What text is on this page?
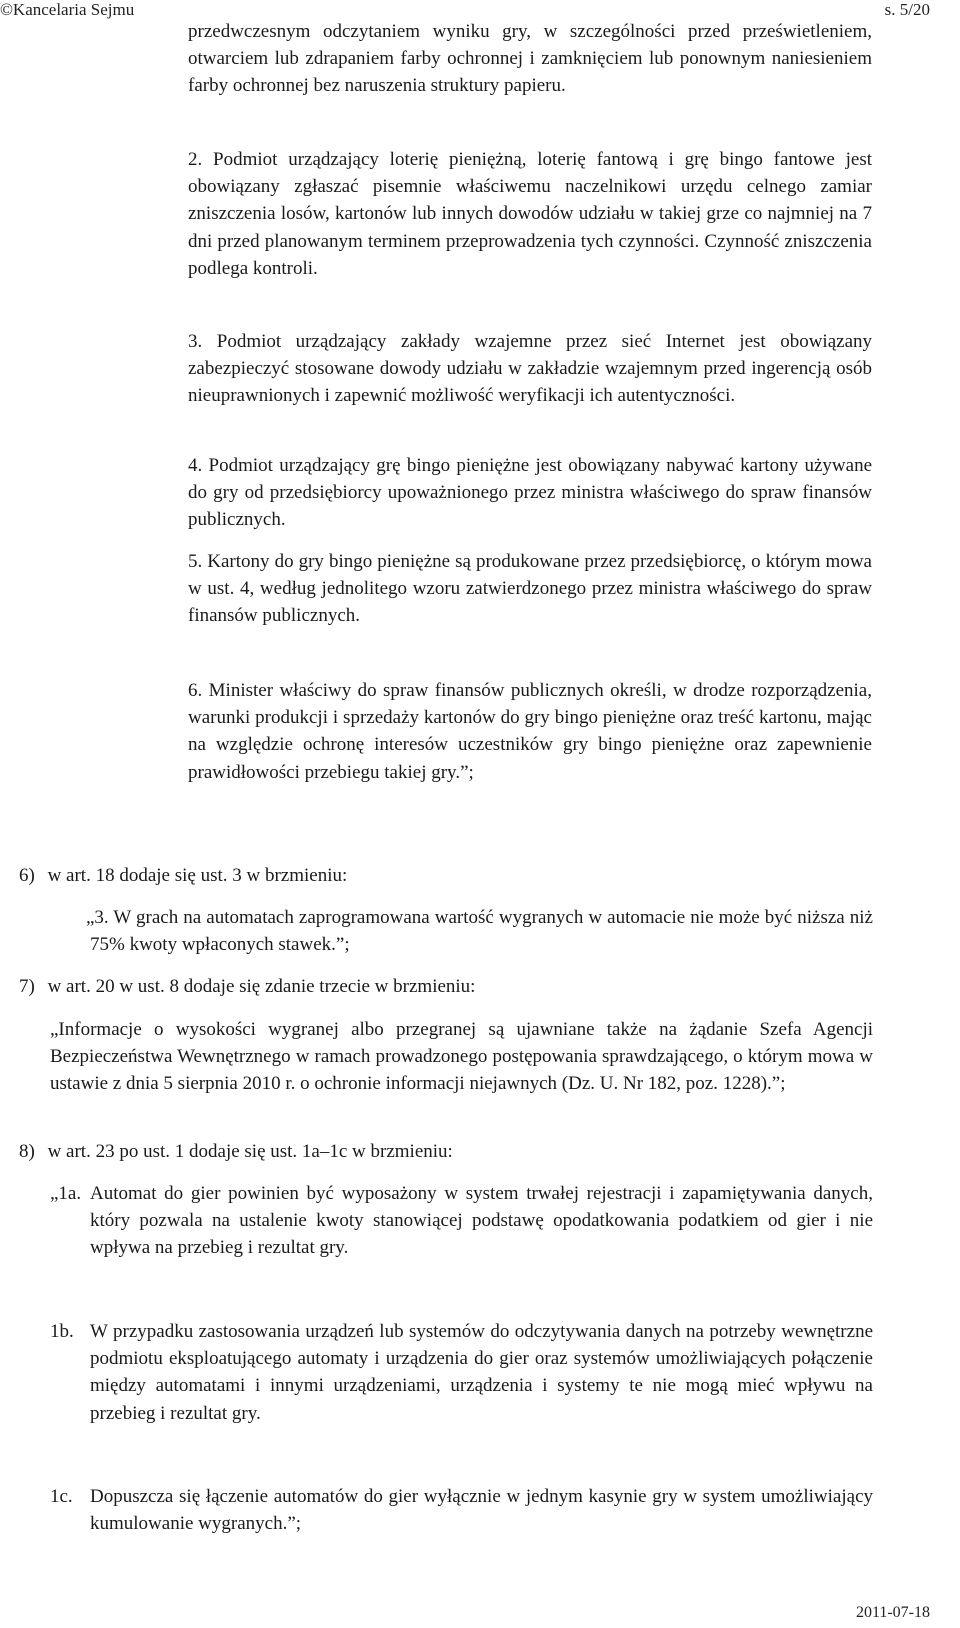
©Kancelaria Sejmu	s. 5/20

przedwczesnym odczytaniem wyniku gry, w szczególności przed prześwietleniem, otwarciem lub zdrapaniem farby ochronnej i zamknięciem lub ponownym naniesieniem farby ochronnej bez naruszenia struktury papieru.

2. Podmiot urządzający loterię pieniężną, loterię fantową i grę bingo fantowe jest obowiązany zgłaszać pisemnie właściwemu naczelnikowi urzędu celnego zamiar zniszczenia losów, kartonów lub innych dowodów udziału w takiej grze co najmniej na 7 dni przed planowanym terminem przeprowadzenia tych czynności. Czynność zniszczenia podlega kontroli.

3. Podmiot urządzający zakłady wzajemne przez sieć Internet jest obowiązany zabezpieczyć stosowane dowody udziału w zakładzie wzajemnym przed ingerencją osób nieuprawnionych i zapewnić możliwość weryfikacji ich autentyczności.

4. Podmiot urządzający grę bingo pieniężne jest obowiązany nabywać kartony używane do gry od przedsiębiorcy upoważnionego przez ministra właściwego do spraw finansów publicznych.

5. Kartony do gry bingo pieniężne są produkowane przez przedsiębiorcę, o którym mowa w ust. 4, według jednolitego wzoru zatwierdzonego przez ministra właściwego do spraw finansów publicznych.

6. Minister właściwy do spraw finansów publicznych określi, w drodze rozporządzenia, warunki produkcji i sprzedaży kartonów do gry bingo pieniężne oraz treść kartonu, mając na względzie ochronę interesów uczestników gry bingo pieniężne oraz zapewnienie prawidłowości przebiegu takiej gry.”;

6) w art. 18 dodaje się ust. 3 w brzmieniu:

„3. W grach na automatach zaprogramowana wartość wygranych w automacie nie może być niższa niż 75% kwoty wpłaconych stawek.”;

7) w art. 20 w ust. 8 dodaje się zdanie trzecie w brzmieniu:

„Informacje o wysokości wygranej albo przegranej są ujawniane także na żądanie Szefa Agencji Bezpieczeństwa Wewnętrznego w ramach prowadzonego postępowania sprawdzającego, o którym mowa w ustawie z dnia 5 sierpnia 2010 r. o ochronie informacji niejawnych (Dz. U. Nr 182, poz. 1228).”;

8) w art. 23 po ust. 1 dodaje się ust. 1a–1c w brzmieniu:
„1a. Automat do gier powinien być wyposażony w system trwałej rejestracji i zapamiętywania danych, który pozwala na ustalenie kwoty stanowiącej podstawę opodatkowania podatkiem od gier i nie wpływa na przebieg i rezultat gry.

1b. W przypadku zastosowania urządzeń lub systemów do odczytywania danych na potrzeby wewnętrzne podmiotu eksploatującego automaty i urządzenia do gier oraz systemów umożliwiających połączenie między automatami i innymi urządzeniami, urządzenia i systemy te nie mogą mieć wpływu na przebieg i rezultat gry.

1c. Dopuszcza się łączenie automatów do gier wyłącznie w jednym kasynie gry w system umożliwiający kumulowanie wygranych.”;

2011-07-18
